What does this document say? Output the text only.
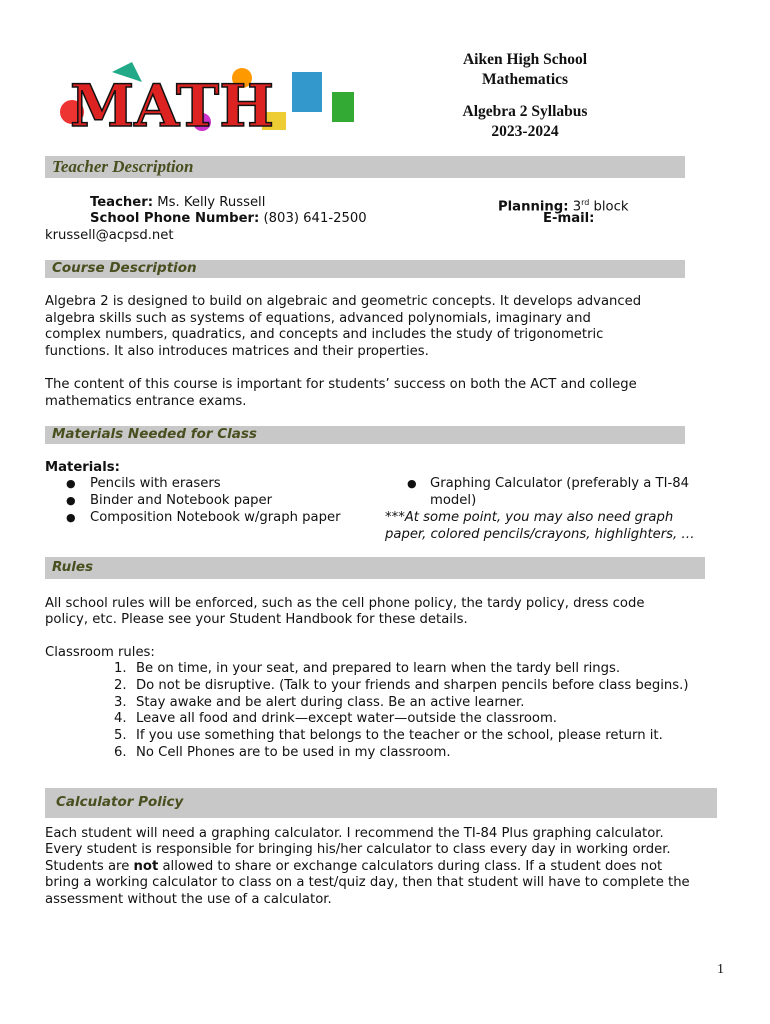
MATH
Aiken High School
Mathematics
Algebra 2 Syllabus
2023-2024
Teacher Description
Teacher: Ms. Kelly Russell
School Phone Number: (803) 641-2500
krussell@acpsd.net
Planning: 3rd block
E-mail:
Course Description
Algebra 2 is designed to build on algebraic and geometric concepts. It develops advanced
algebra skills such as systems of equations, advanced polynomials, imaginary and
complex numbers, quadratics, and concepts and includes the study of trigonometric
functions. It also introduces matrices and their properties.
The content of this course is important for students’ success on both the ACT and college
mathematics entrance exams.
Materials Needed for Class
Materials:
● Pencils with erasers
● Binder and Notebook paper
● Composition Notebook w/graph paper
● Graphing Calculator (preferably a TI-84
model)
***At some point, you may also need graph
paper, colored pencils/crayons, highlighters, …
Rules
All school rules will be enforced, such as the cell phone policy, the tardy policy, dress code
policy, etc. Please see your Student Handbook for these details.
Classroom rules:
1. Be on time, in your seat, and prepared to learn when the tardy bell rings.
2. Do not be disruptive. (Talk to your friends and sharpen pencils before class begins.)
3. Stay awake and be alert during class. Be an active learner.
4. Leave all food and drink—except water—outside the classroom.
5. If you use something that belongs to the teacher or the school, please return it.
6. No Cell Phones are to be used in my classroom.
Calculator Policy
Each student will need a graphing calculator. I recommend the TI-84 Plus graphing calculator.
Every student is responsible for bringing his/her calculator to class every day in working order.
Students are not allowed to share or exchange calculators during class. If a student does not
bring a working calculator to class on a test/quiz day, then that student will have to complete the
assessment without the use of a calculator.
1
